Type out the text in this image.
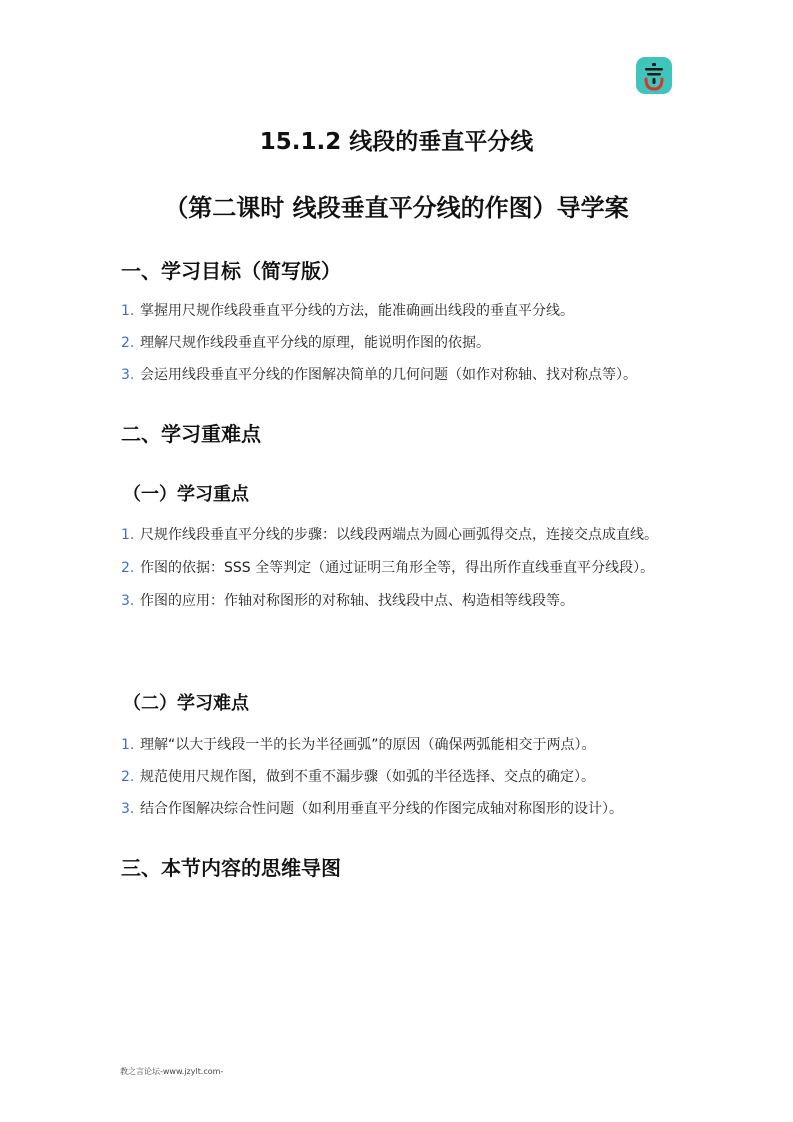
15.1.2 线段的垂直平分线
（第二课时 线段垂直平分线的作图）导学案
一、学习目标（简写版）
1. 掌握用尺规作线段垂直平分线的方法，能准确画出线段的垂直平分线。
2. 理解尺规作线段垂直平分线的原理，能说明作图的依据。
3. 会运用线段垂直平分线的作图解决简单的几何问题（如作对称轴、找对称点等）。
二、学习重难点
（一）学习重点
1. 尺规作线段垂直平分线的步骤：以线段两端点为圆心画弧得交点，连接交点成直线。
2. 作图的依据：SSS 全等判定（通过证明三角形全等，得出所作直线垂直平分线段）。
3. 作图的应用：作轴对称图形的对称轴、找线段中点、构造相等线段等。
（二）学习难点
1. 理解“以大于线段一半的长为半径画弧”的原因（确保两弧能相交于两点）。
2. 规范使用尺规作图，做到不重不漏步骤（如弧的半径选择、交点的确定）。
3. 结合作图解决综合性问题（如利用垂直平分线的作图完成轴对称图形的设计）。
三、本节内容的思维导图
教之言论坛-www.jzylt.com-
